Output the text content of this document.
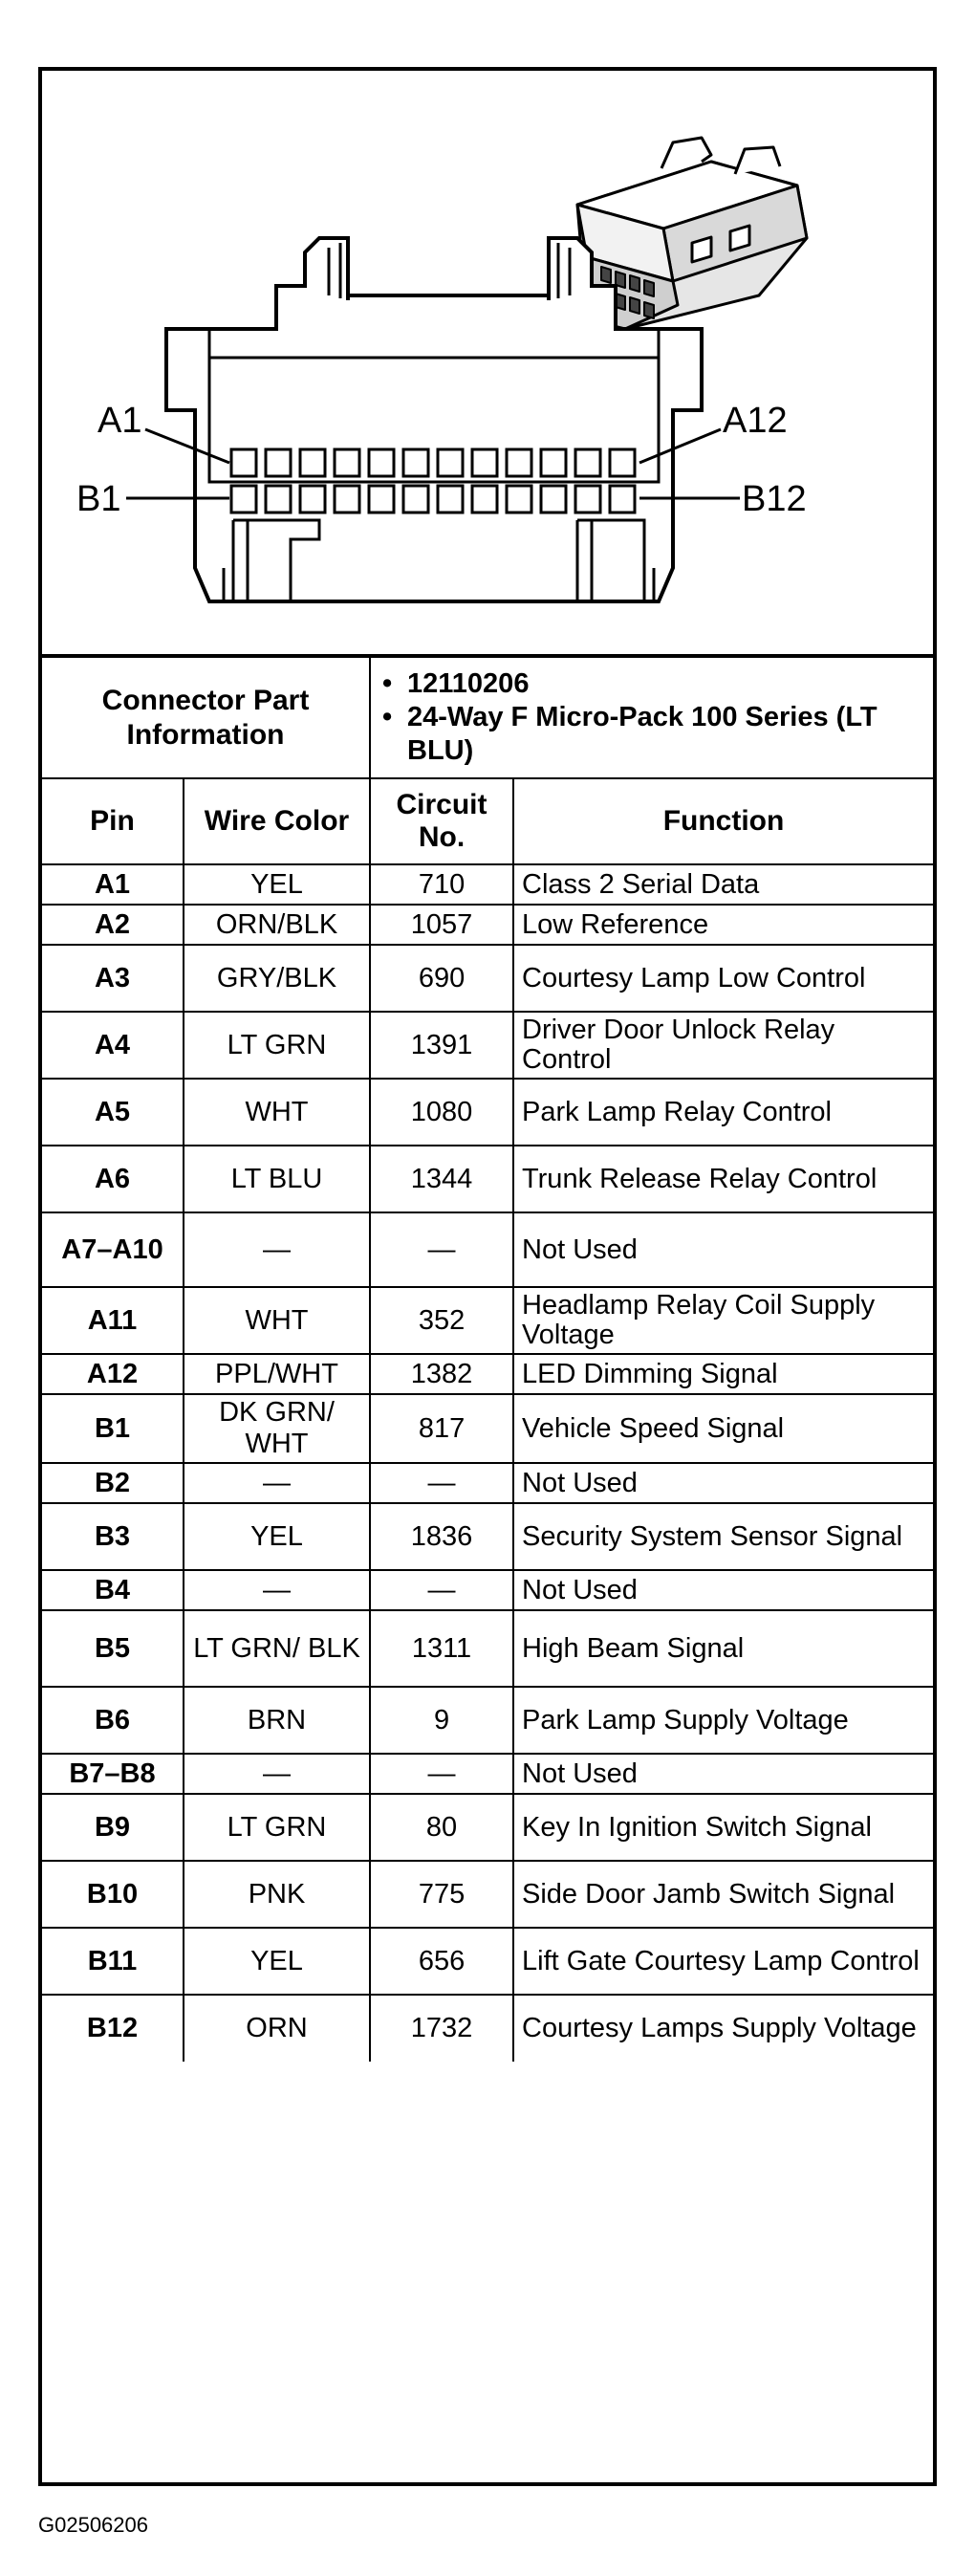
A1
B1
A12
B12
Connector Part Information		• 12110206
• 24-Way F Micro-Pack 100 Series (LT BLU)	

Pin	Wire Color	Circuit No.	Function
A1	YEL	710	Class 2 Serial Data
A2	ORN/BLK	1057	Low Reference
A3	GRY/BLK	690	Courtesy Lamp Low Control
A4	LT GRN	1391	Driver Door Unlock Relay Control
A5	WHT	1080	Park Lamp Relay Control
A6	LT BLU	1344	Trunk Release Relay Control
A7–A10	—	—	Not Used
A11	WHT	352	Headlamp Relay Coil Supply Voltage
A12	PPL/WHT	1382	LED Dimming Signal
B1	DK GRN/ WHT	817	Vehicle Speed Signal
B2	—	—	Not Used
B3	YEL	1836	Security System Sensor Signal
B4	—	—	Not Used
B5	LT GRN/ BLK	1311	High Beam Signal
B6	BRN	9	Park Lamp Supply Voltage
B7–B8	—	—	Not Used
B9	LT GRN	80	Key In Ignition Switch Signal
B10	PNK	775	Side Door Jamb Switch Signal
B11	YEL	656	Lift Gate Courtesy Lamp Control
B12	ORN	1732	Courtesy Lamps Supply Voltage
G02506206
